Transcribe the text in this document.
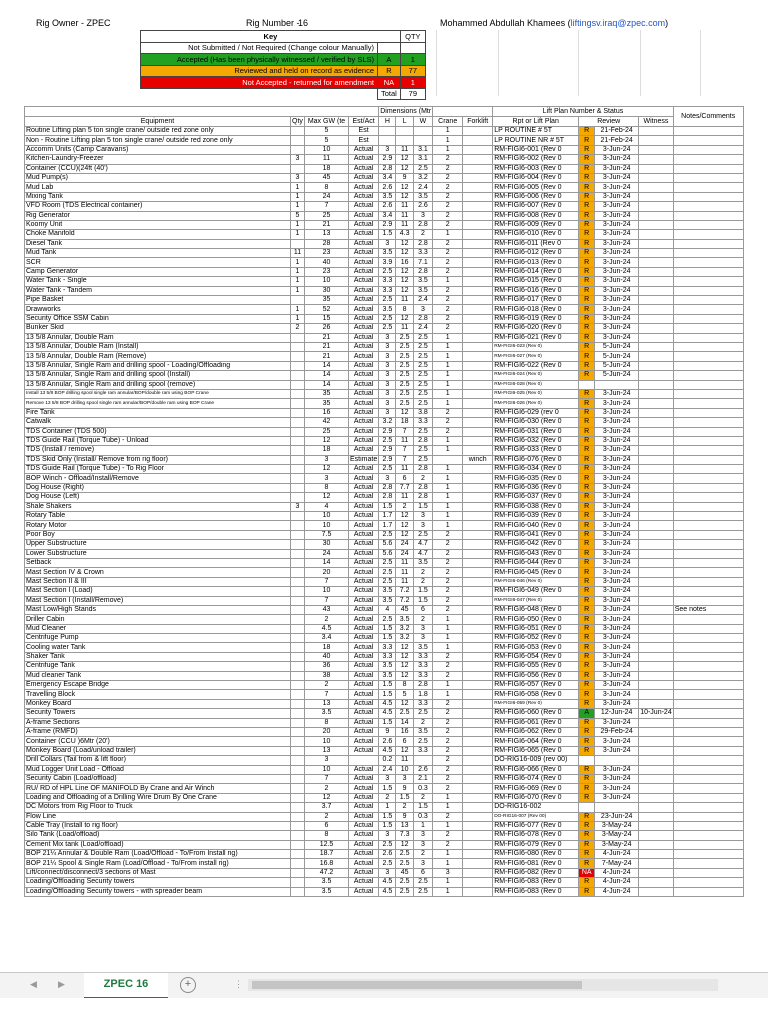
Rig Owner - ZPEC	Rig Number -
16	Mohammed Abdullah Khamees (liftingsv.iraq@zpec.com)
Key		QTY
Not Submitted / Not Required (Change colour Manually)		
Accepted (Has been physically witnessed / verified by SLS)	A	1
Reviewed and held on record as evidence	R	77
Not Accepted - returned for amendment	NA	1
	Total	79
				Dimensions (Mtr					Lift Plan Number & Status				Notes/Comments
Equipment	Qty	Max GW (te	Est/Act	H	L	W	Crane	Forklift	Rpt or Lift Plan	Review		Witness	
Routine Lifting plan 5 ton single crane/ outside red zone only		5	Est				1		LP ROUTINE # 5T	R	21-Feb-24		
Non - Routine Lifting plan 5 ton single crane/ outside red zone only		5	Est				1		LP ROUTINE NR # 5T	R	21-Feb-24		
Accomm Units (Camp Caravans)		10	Actual	3	11	3.1	1		RM-FIGI6-001 (Rev 0	R	3-Jun-24		
Kitchen-Laundry-Freezer	3	11	Actual	2.9	12	3.1	2		RM-FIGI6-002 (Rev 0	R	3-Jun-24		
Container (CCU)(24ft (40')		18	Actual	2.8	12	2.5	2		RM-FIGI6-003 (Rev 0	R	3-Jun-24		
Mud Pump(s)	3	45	Actual	3.4	9	3.2	2		RM-FIGI6-004 (Rev 0	R	3-Jun-24		
Mud Lab	1	8	Actual	2.6	12	2.4	2		RM-FIGI6-005 (Rev 0	R	3-Jun-24		
Mixing Tank	1	24	Actual	3.5	12	3.5	2		RM-FIGI6-006 (Rev 0	R	3-Jun-24		
VFD Room (TDS Electrical container)	1	7	Actual	2.6	11	2.6	2		RM-FIGI6-007 (Rev 0	R	3-Jun-24		
Rig Generator	5	25	Actual	3.4	11	3	2		RM-FIGI6-008 (Rev 0	R	3-Jun-24		
Koomy Unit	1	21	Actual	2.9	11	2.8	2		RM-FIGI6-009 (Rev 0	R	3-Jun-24		
Choke Manifold	1	13	Actual	1.5	4.3	2	1		RM-FIGI6-010 (Rev 0	R	3-Jun-24		
Diesel Tank		28	Actual	3	12	2.8	2		RM-FIGI6-011 (Rev 0	R	3-Jun-24		
Mud Tank	11	23	Actual	3.5	12	3.3	2		RM-FIGI6-012 (Rev 0	R	3-Jun-24		
SCR	1	40	Actual	3.9	16	7.1	2		RM-FIGI6-013 (Rev 0	R	3-Jun-24		
Camp Generator	1	23	Actual	2.5	12	2.8	2		RM-FIGI6-014 (Rev 0	R	3-Jun-24		
Water Tank - Single	1	10	Actual	3.3	12	3.5	1		RM-FIGI6-015 (Rev 0	R	3-Jun-24		
Water Tank - Tandem	1	30	Actual	3.3	12	3.5	2		RM-FIGI6-016 (Rev 0	R	3-Jun-24		
Pipe Basket		35	Actual	2.5	11	2.4	2		RM-FIGI6-017 (Rev 0	R	3-Jun-24		
Drawworks	1	52	Actual	3.5	8	3	2		RM-FIGI6-018 (Rev 0	R	3-Jun-24		
Security Office SSM Cabin	1	15	Actual	2.5	12	2.8	2		RM-FIGI6-019 (Rev 0	R	3-Jun-24		
Bunker Skid	2	26	Actual	2.5	11	2.4	2		RM-FIGI6-020 (Rev 0	R	3-Jun-24		
13 5/8 Annular, Double Ram		21	Actual	3	2.5	2.5	1		RM-FIGI6-021 (Rev 0	R	3-Jun-24		
13 5/8 Annular, Double Ram (Install)		21	Actual	3	2.5	2.5	1		RM-FIGI6-023 (Rev 0)	R	5-Jun-24		
13 5/8 Annular, Double Ram (Remove)		21	Actual	3	2.5	2.5	1		RM-FIGI6-027 (Rev 0)	R	5-Jun-24		
13 5/8 Annular, Single Ram and drilling spool - Loading/Offloading		14	Actual	3	2.5	2.5	1		RM-FIGI6-022 (Rev 0	R	5-Jun-24		
13 5/8 Annular, Single Ram and drilling spool (Install)		14	Actual	3	2.5	2.5	1		RM-FIGI6-024 (Rev 0)	R	5-Jun-24		
13 5/8 Annular, Single Ram and drilling spool (remove)		14	Actual	3	2.5	2.5	1		RM-FIGI6-028 (Rev 0)				
Install 13 5/8 BOP drilling spool single ram annular/BOP/double ram using BOP Crane		35	Actual	3	2.5	2.5	1		RM-FIGI6-025 (Rev 0)	R	3-Jun-24		
Remove 13 5/8 BOP drilling spool single ram annular/BOP/double ram using BOP Crane		35	Actual	3	2.5	2.5	1		RM-FIGI6-026 (Rev 0)	R	3-Jun-24		
Fire Tank		16	Actual	3	12	3.8	2		RM-FIGI6-029 (rev 0	R	3-Jun-24		
Catwalk		42	Actual	3.2	18	3.3	2		RM-FIGI6-030 (Rev 0	R	3-Jun-24		
TDS Container (TDS 500)		25	Actual	2.9	7	2.5	2		RM-FIGI6-031 (Rev 0	R	3-Jun-24		
TDS Guide Rail (Torque Tube) - Unload		12	Actual	2.5	11	2.8	1		RM-FIGI6-032 (Rev 0	R	3-Jun-24		
TDS (Install / remove)		18	Actual	2.9	7	2.5	1		RM-FIGI6-033 (Rev 0	R	3-Jun-24		
TDS Skid Only (Install/ Remove from rig floor)		3	Estimate	2.9	7	2.5		winch	RM-FIGI6-076 (Rev 0	R	3-Jun-24		
TDS Guide Rail (Torque Tube) - To Rig Floor		12	Actual	2.5	11	2.8	1		RM-FIGI6-034 (Rev 0	R	3-Jun-24		
BOP Winch - Offload/Install/Remove		3	Actual	3	6	2	1		RM-FIGI6-035 (Rev 0	R	3-Jun-24		
Dog House (Right)		8	Actual	2.8	7.7	2.8	1		RM-FIGI6-036 (Rev 0	R	3-Jun-24		
Dog House (Left)		12	Actual	2.8	11	2.8	1		RM-FIGI6-037 (Rev 0	R	3-Jun-24		
Shale Shakers	3	4	Actual	1.5	2	1.5	1		RM-FIGI6-038 (Rev 0	R	3-Jun-24		
Rotary Table		10	Actual	1.7	12	3	1		RM-FIGI6-039 (Rev 0	R	3-Jun-24		
Rotary Motor		10	Actual	1.7	12	3	1		RM-FIGI6-040 (Rev 0	R	3-Jun-24		
Poor Boy		7.5	Actual	2.5	12	2.5	2		RM-FIGI6-041 (Rev 0	R	3-Jun-24		
Upper Substructure		30	Actual	5.6	24	4.7	2		RM-FIGI6-042 (Rev 0	R	3-Jun-24		
Lower Substructure		24	Actual	5.6	24	4.7	2		RM-FIGI6-043 (Rev 0	R	3-Jun-24		
Setback		14	Actual	2.5	11	3.5	2		RM-FIGI6-044 (Rev 0	R	3-Jun-24		
Mast Section IV & Crown		20	Actual	2.5	11	2	2		RM-FIGI6-045 (Rev 0	R	3-Jun-24		
Mast Section II & III		7	Actual	2.5	11	2	2		RM-FIGI6-046 (Rev 0)	R	3-Jun-24		
Mast Section I (Load)		10	Actual	3.5	7.2	1.5	2		RM-FIGI6-049 (Rev 0	R	3-Jun-24		
Mast Section I (Install/Remove)		7	Actual	3.5	7.2	1.5	2		RM-FIGI6-047 (Rev 0)	R	3-Jun-24		
Mast Low/High Stands		43	Actual	4	45	6	2		RM-FIGI6-048 (Rev 0	R	3-Jun-24		See notes
Driller Cabin		2	Actual	2.5	3.5	2	1		RM-FIGI6-050 (Rev 0	R	3-Jun-24		
Mud Cleaner		4.5	Actual	1.5	3.2	3	1		RM-FIGI6-051 (Rev 0	R	3-Jun-24		
Centrifuge Pump		3.4	Actual	1.5	3.2	3	1		RM-FIGI6-052 (Rev 0	R	3-Jun-24		
Cooling water Tank		18	Actual	3.3	12	3.5	1		RM-FIGI6-053 (Rev 0	R	3-Jun-24		
Shaker Tank		40	Actual	3.3	12	3.3	2		RM-FIGI6-054 (Rev 0	R	3-Jun-24		
Centrifuge Tank		36	Actual	3.5	12	3.3	2		RM-FIGI6-055 (Rev 0	R	3-Jun-24		
Mud cleaner Tank		38	Actual	3.5	12	3.3	2		RM-FIGI6-056 (Rev 0	R	3-Jun-24		
Emergency Escape Bridge		2	Actual	1.5	8	2.8	1		RM-FIGI6-057 (Rev 0	R	3-Jun-24		
Travelling Block		7	Actual	1.5	5	1.8	1		RM-FIGI6-058 (Rev 0	R	3-Jun-24		
Monkey Board		13	Actual	4.5	12	3.3	2		RM-FIGI6-059 (Rev 0)	R	3-Jun-24		
Security Towers		3.5	Actual	4.5	2.5	2.5	2		RM-FIGI6-060 (Rev 0	A	12-Jun-24	10-Jun-24	
A-frame Sections		8	Actual	1.5	14	2	2		RM-FIGI6-061 (Rev 0	R	3-Jun-24		
A-frame (RMFD)		20	Actual	9	16	3.5	2		RM-FIGI6-062 (Rev 0	R	29-Feb-24		
Container (CCU )6Mtr (20')		10	Actual	2.6	6	2.5	2		RM-FIGI6-064 (Rev 0	R	3-Jun-24		
Monkey Board (Load/unload trailer)		13	Actual	4.5	12	3.3	2		RM-FIGI6-065 (Rev 0	R	3-Jun-24		
Drill Collars (Tail from & lift floor)		3		0.2	11		2		DO-RIG16-009 (rev 00)				
Mud Logger Unit Load - Offload		10	Actual	2.4	10	2.6	2		RM-FIGI6-066 (Rev 0	R	3-Jun-24		
Security Cabin (Load/offload)		7	Actual	3	3	2.1	2		RM-FIGI6-074 (Rev 0	R	3-Jun-24		
RU/ RD of HPL Line OF MANIFOLD By Crane and Air Winch		2	Actual	1.5	9	0.3	2		RM-FIGI6-069 (Rev 0	R	3-Jun-24		
Loading and Offloading of a Drilling Wire Drum By One Crane		12	Actual	2	1.5	2	1		RM-FIGI6-070 (Rev 0	R	3-Jun-24		
DC Motors from Rig Floor to Truck		3.7	Actual	1	2	1.5	1		DO-RIG16-002				
Flow Line		2	Actual	1.5	9	0.3	2		DO-RIG16-007 (Rev 00)	R	23-Jun-24		
Cable Tray (Install to rig floor)		6	Actual	1.5	13	1	1		RM-FIGI6-077 (Rev 0	R	3-May-24		
Silo Tank (Load/offload)		8	Actual	3	7.3	3	2		RM-FIGI6-078 (Rev 0	R	3-May-24		
Cement Mix tank (Load/offload)		12.5	Actual	2.5	12	3	2		RM-FIGI6-079 (Rev 0	R	3-May-24		
BOP 21¼ Annular & Double Ram (Load/Offload - To/From Install rig)		18.7	Actual	2.6	2.5	2	1		RM-FIGI6-080 (Rev 0	R	4-Jun-24		
BOP 21¼ Spool & Single Ram (Load/Offload - To/From install rig)		16.8	Actual	2.5	2.5	3	1		RM-FIGI6-081 (Rev 0	R	7-May-24		
Lift/connect/disconnect/3 sections of Mast		47.2	Actual	3	45	6	3		RM-FIGI6-082 (Rev 0	NA	4-Jun-24		
Loading/Offloading Security towers		3.5	Actual	4.5	2.5	2.5	1		RM-FIGI6-083 (Rev 0	R	4-Jun-24		
Loading/Offloading Security towers - with spreader beam		3.5	Actual	4.5	2.5	2.5	1		RM-FIGI6-083 (Rev 0	R	4-Jun-24		
◀ ▶	ZPEC 16	+	⋮
